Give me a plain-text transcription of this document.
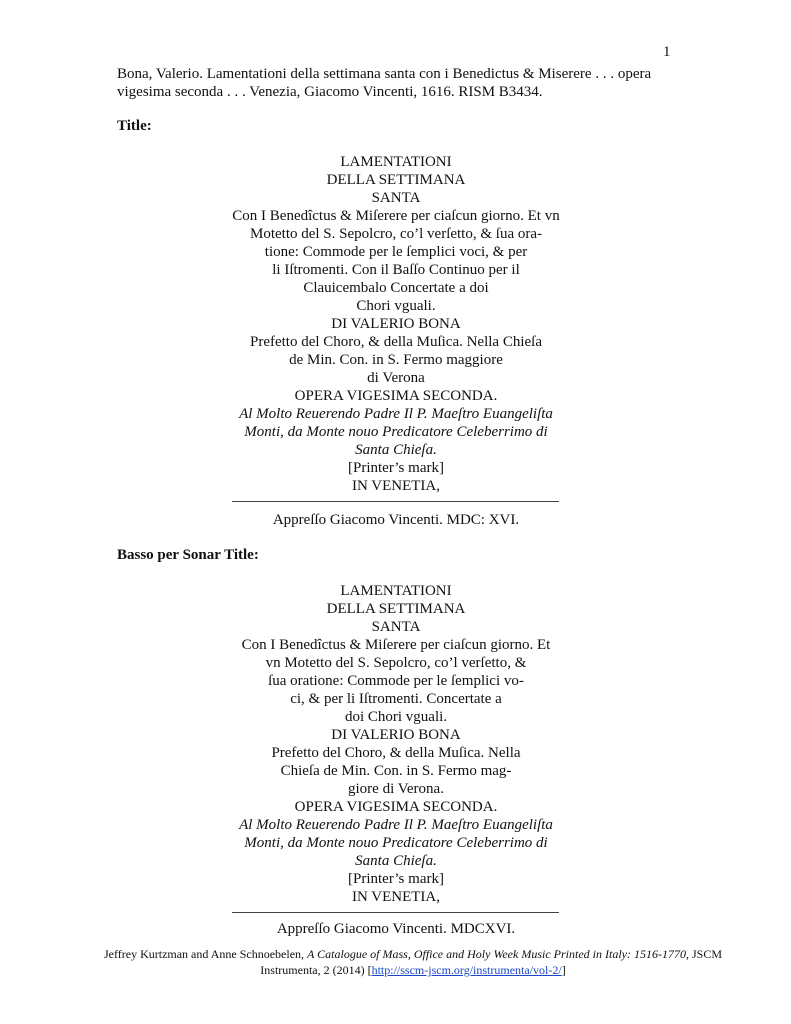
1
Bona, Valerio. Lamentationi della settimana santa con i Benedictus & Miserere . . . opera vigesima seconda . . . Venezia, Giacomo Vincenti, 1616. RISM B3434.
Title:
LAMENTATIONI
DELLA SETTIMANA
SANTA
Con I Benedîctus & Miſerere per ciaſcun giorno. Et vn
Motetto del S. Sepolcro, co’l verſetto, & ſua ora-
tione: Commode per le ſemplici voci, & per
li Iſtromenti. Con il Baſſo Continuo per il
Clauicembalo Concertate a doi
Chori vguali.
DI VALERIO BONA
Prefetto del Choro, & della Muſica. Nella Chieſa
de Min. Con. in S. Fermo maggiore
di Verona
OPERA VIGESIMA SECONDA.
Al Molto Reuerendo Padre Il P. Maeſtro Euangeliſta
Monti, da Monte nouo Predicatore Celeberrimo di
Santa Chieſa.
[Printer’s mark]
IN VENETIA,
Appreſſo Giacomo Vincenti. MDC: XVI.
Basso per Sonar Title:
LAMENTATIONI
DELLA SETTIMANA
SANTA
Con I Benedîctus & Miſerere per ciaſcun giorno. Et
vn Motetto del S. Sepolcro, co’l verſetto, &
ſua oratione: Commode per le ſemplici vo-
ci, & per li Iſtromenti. Concertate a
doi Chori vguali.
DI VALERIO BONA
Prefetto del Choro, & della Muſica. Nella
Chieſa de Min. Con. in S. Fermo mag-
giore di Verona.
OPERA VIGESIMA SECONDA.
Al Molto Reuerendo Padre Il P. Maeſtro Euangeliſta
Monti, da Monte nouo Predicatore Celeberrimo di
Santa Chieſa.
[Printer’s mark]
IN VENETIA,
Appreſſo Giacomo Vincenti. MDCXVI.
Jeffrey Kurtzman and Anne Schnoebelen, A Catalogue of Mass, Office and Holy Week Music Printed in Italy: 1516-1770, JSCM Instrumenta, 2 (2014) [http://sscm-jscm.org/instrumenta/vol-2/]
